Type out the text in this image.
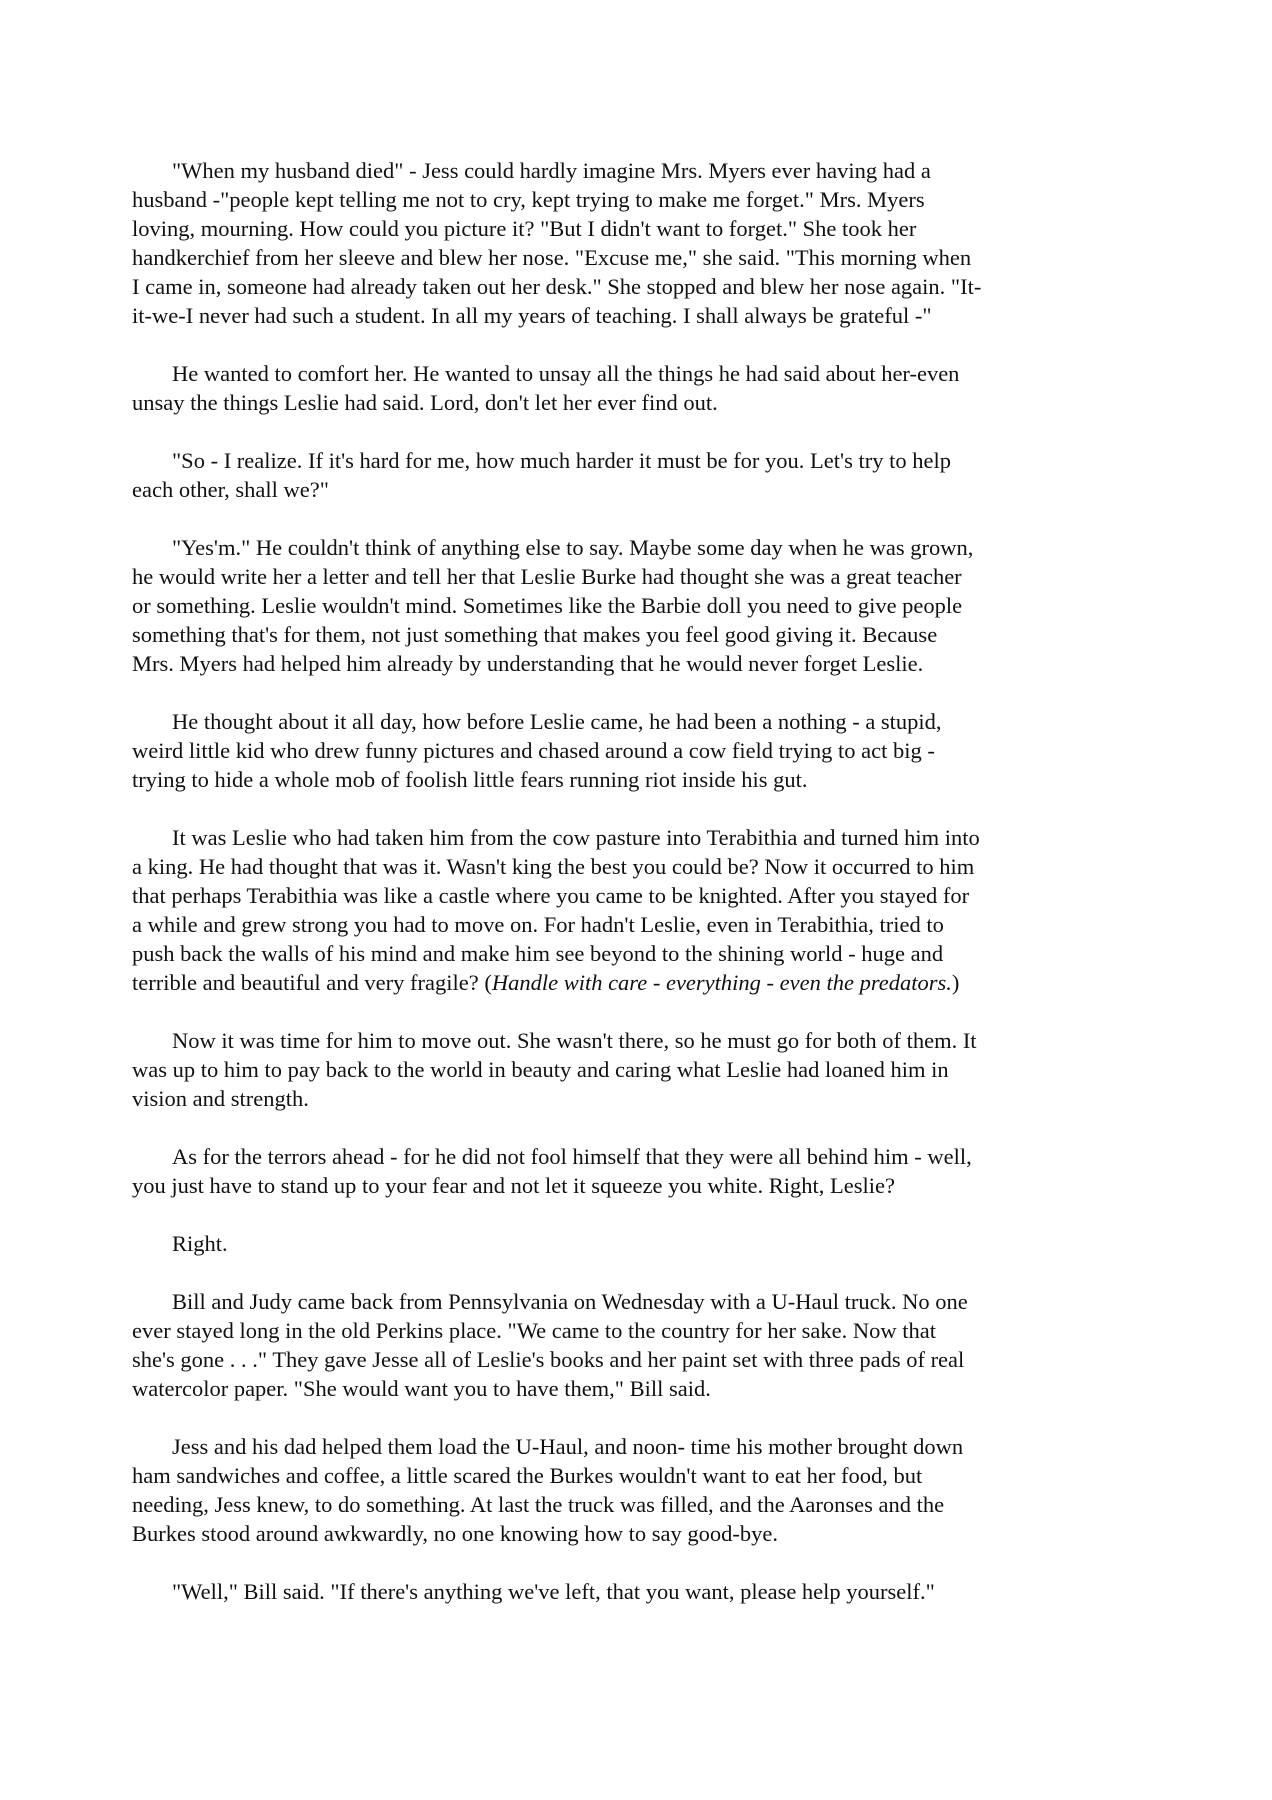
"When my husband died" - Jess could hardly imagine Mrs. Myers ever having had a
husband -"people kept telling me not to cry, kept trying to make me forget." Mrs. Myers
loving, mourning. How could you picture it? "But I didn't want to forget." She took her
handkerchief from her sleeve and blew her nose. "Excuse me," she said. "This morning when
I came in, someone had already taken out her desk." She stopped and blew her nose again. "It-
it-we-I never had such a student. In all my years of teaching. I shall always be grateful -"

He wanted to comfort her. He wanted to unsay all the things he had said about her-even
unsay the things Leslie had said. Lord, don't let her ever find out.

"So - I realize. If it's hard for me, how much harder it must be for you. Let's try to help
each other, shall we?"

"Yes'm." He couldn't think of anything else to say. Maybe some day when he was grown,
he would write her a letter and tell her that Leslie Burke had thought she was a great teacher
or something. Leslie wouldn't mind. Sometimes like the Barbie doll you need to give people
something that's for them, not just something that makes you feel good giving it. Because
Mrs. Myers had helped him already by understanding that he would never forget Leslie.

He thought about it all day, how before Leslie came, he had been a nothing - a stupid,
weird little kid who drew funny pictures and chased around a cow field trying to act big -
trying to hide a whole mob of foolish little fears running riot inside his gut.

It was Leslie who had taken him from the cow pasture into Terabithia and turned him into
a king. He had thought that was it. Wasn't king the best you could be? Now it occurred to him
that perhaps Terabithia was like a castle where you came to be knighted. After you stayed for
a while and grew strong you had to move on. For hadn't Leslie, even in Terabithia, tried to
push back the walls of his mind and make him see beyond to the shining world - huge and
terrible and beautiful and very fragile? (Handle with care - everything - even the predators.)

Now it was time for him to move out. She wasn't there, so he must go for both of them. It
was up to him to pay back to the world in beauty and caring what Leslie had loaned him in
vision and strength.

As for the terrors ahead - for he did not fool himself that they were all behind him - well,
you just have to stand up to your fear and not let it squeeze you white. Right, Leslie?

Right.

Bill and Judy came back from Pennsylvania on Wednesday with a U-Haul truck. No one
ever stayed long in the old Perkins place. "We came to the country for her sake. Now that
she's gone . . ." They gave Jesse all of Leslie's books and her paint set with three pads of real
watercolor paper. "She would want you to have them," Bill said.

Jess and his dad helped them load the U-Haul, and noon- time his mother brought down
ham sandwiches and coffee, a little scared the Burkes wouldn't want to eat her food, but
needing, Jess knew, to do something. At last the truck was filled, and the Aaronses and the
Burkes stood around awkwardly, no one knowing how to say good-bye.

"Well," Bill said. "If there's anything we've left, that you want, please help yourself."
